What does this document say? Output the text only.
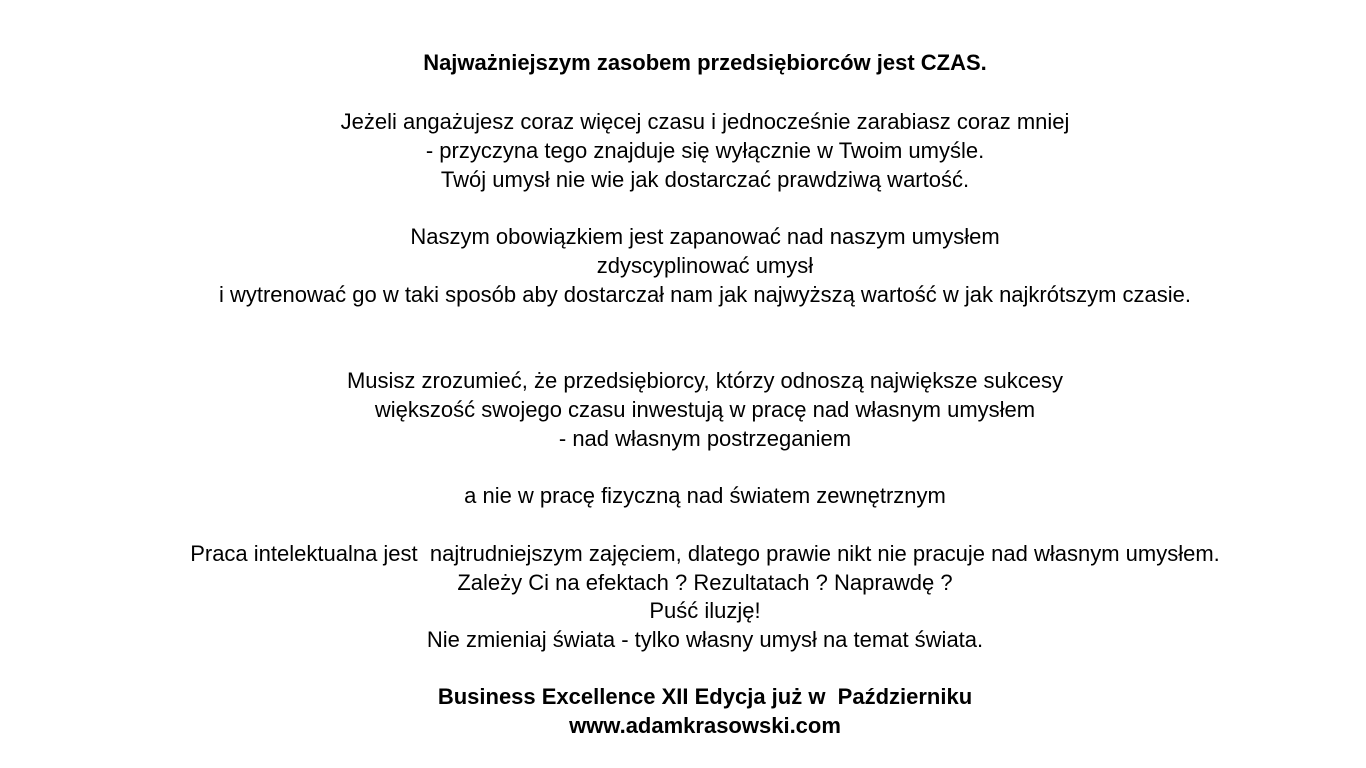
Najważniejszym zasobem przedsiębiorców jest CZAS.
Jeżeli angażujesz coraz więcej czasu i jednocześnie zarabiasz coraz mniej
- przyczyna tego znajduje się wyłącznie w Twoim umyśle.
Twój umysł nie wie jak dostarczać prawdziwą wartość.
Naszym obowiązkiem jest zapanować nad naszym umysłem
zdyscyplinować umysł
i wytrenować go w taki sposób aby dostarczał nam jak najwyższą wartość w jak najkrótszym czasie.
Musisz zrozumieć, że przedsiębiorcy, którzy odnoszą największe sukcesy
większość swojego czasu inwestują w pracę nad własnym umysłem
- nad własnym postrzeganiem
a nie w pracę fizyczną nad światem zewnętrznym
Praca intelektualna jest  najtrudniejszym zajęciem, dlatego prawie nikt nie pracuje nad własnym umysłem.
Zależy Ci na efektach ? Rezultatach ? Naprawdę ?
Puść iluzję!
Nie zmieniaj świata - tylko własny umysł na temat świata.
Business Excellence XII Edycja już w  Październiku
www.adamkrasowski.com
